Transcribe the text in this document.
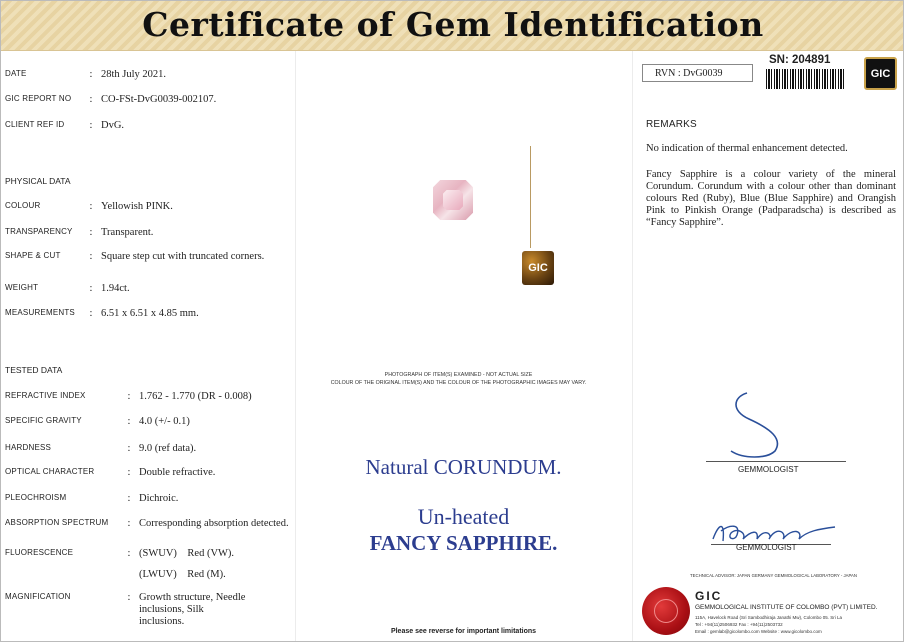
Certificate of Gem Identification
DATE	: 28th July 2021.
GIC REPORT NO	: CO-FSt-DvG0039-002107.
CLIENT REF ID	: DvG.
PHYSICAL DATA
COLOUR	: Yellowish PINK.
TRANSPARENCY	: Transparent.
SHAPE & CUT	: Square step cut with truncated corners.
WEIGHT	: 1.94ct.
MEASUREMENTS	: 6.51 x 6.51 x 4.85 mm.
TESTED DATA
REFRACTIVE INDEX	: 1.762 - 1.770 (DR - 0.008)
SPECIFIC GRAVITY	: 4.0 (+/- 0.1)
HARDNESS	: 9.0 (ref data).
OPTICAL CHARACTER	: Double refractive.
PLEOCHROISM	: Dichroic.
ABSORPTION SPECTRUM	: Corresponding absorption detected.
FLUORESCENCE	: (SWUV)    Red (VW).
(LWUV)    Red (M).
MAGNIFICATION	: Growth structure, Needle inclusions, Silk inclusions.
GIC
PHOTOGRAPH OF ITEM(S) EXAMINED - NOT ACTUAL SIZE
COLOUR OF THE ORIGINAL ITEM(S) AND THE COLOUR OF THE PHOTOGRAPHIC IMAGES MAY VARY.
Natural CORUNDUM.
Un-heated
FANCY SAPPHIRE.
Please see reverse for important limitations
RVN : DvG0039
SN: 204891
GIC
REMARKS
No indication of thermal enhancement detected.
Fancy Sapphire is a colour variety of the mineral Corundum. Corundum with a colour other than dominant colours Red (Ruby), Blue (Blue Sapphire) and Orangish Pink to Pinkish Orange (Padparadscha) is described as “Fancy Sapphire”.
GEMMOLOGIST
GEMMOLOGIST
TECHNICAL ADVISOR: JAPAN GERMANY GEMMOLOGICAL LABORATORY - JAPAN
GIC
GEMMOLOGICAL INSTITUTE OF COLOMBO (PVT) LIMITED.
115A, Havelock Road (Sri Sambodhiraja Janathi Mw), Colombo 05. Sri La
Tel : +94(11)2506932 Fax : +94(11)2503732
Email : gemlab@gicolombo.com Website : www.gicolombo.com
